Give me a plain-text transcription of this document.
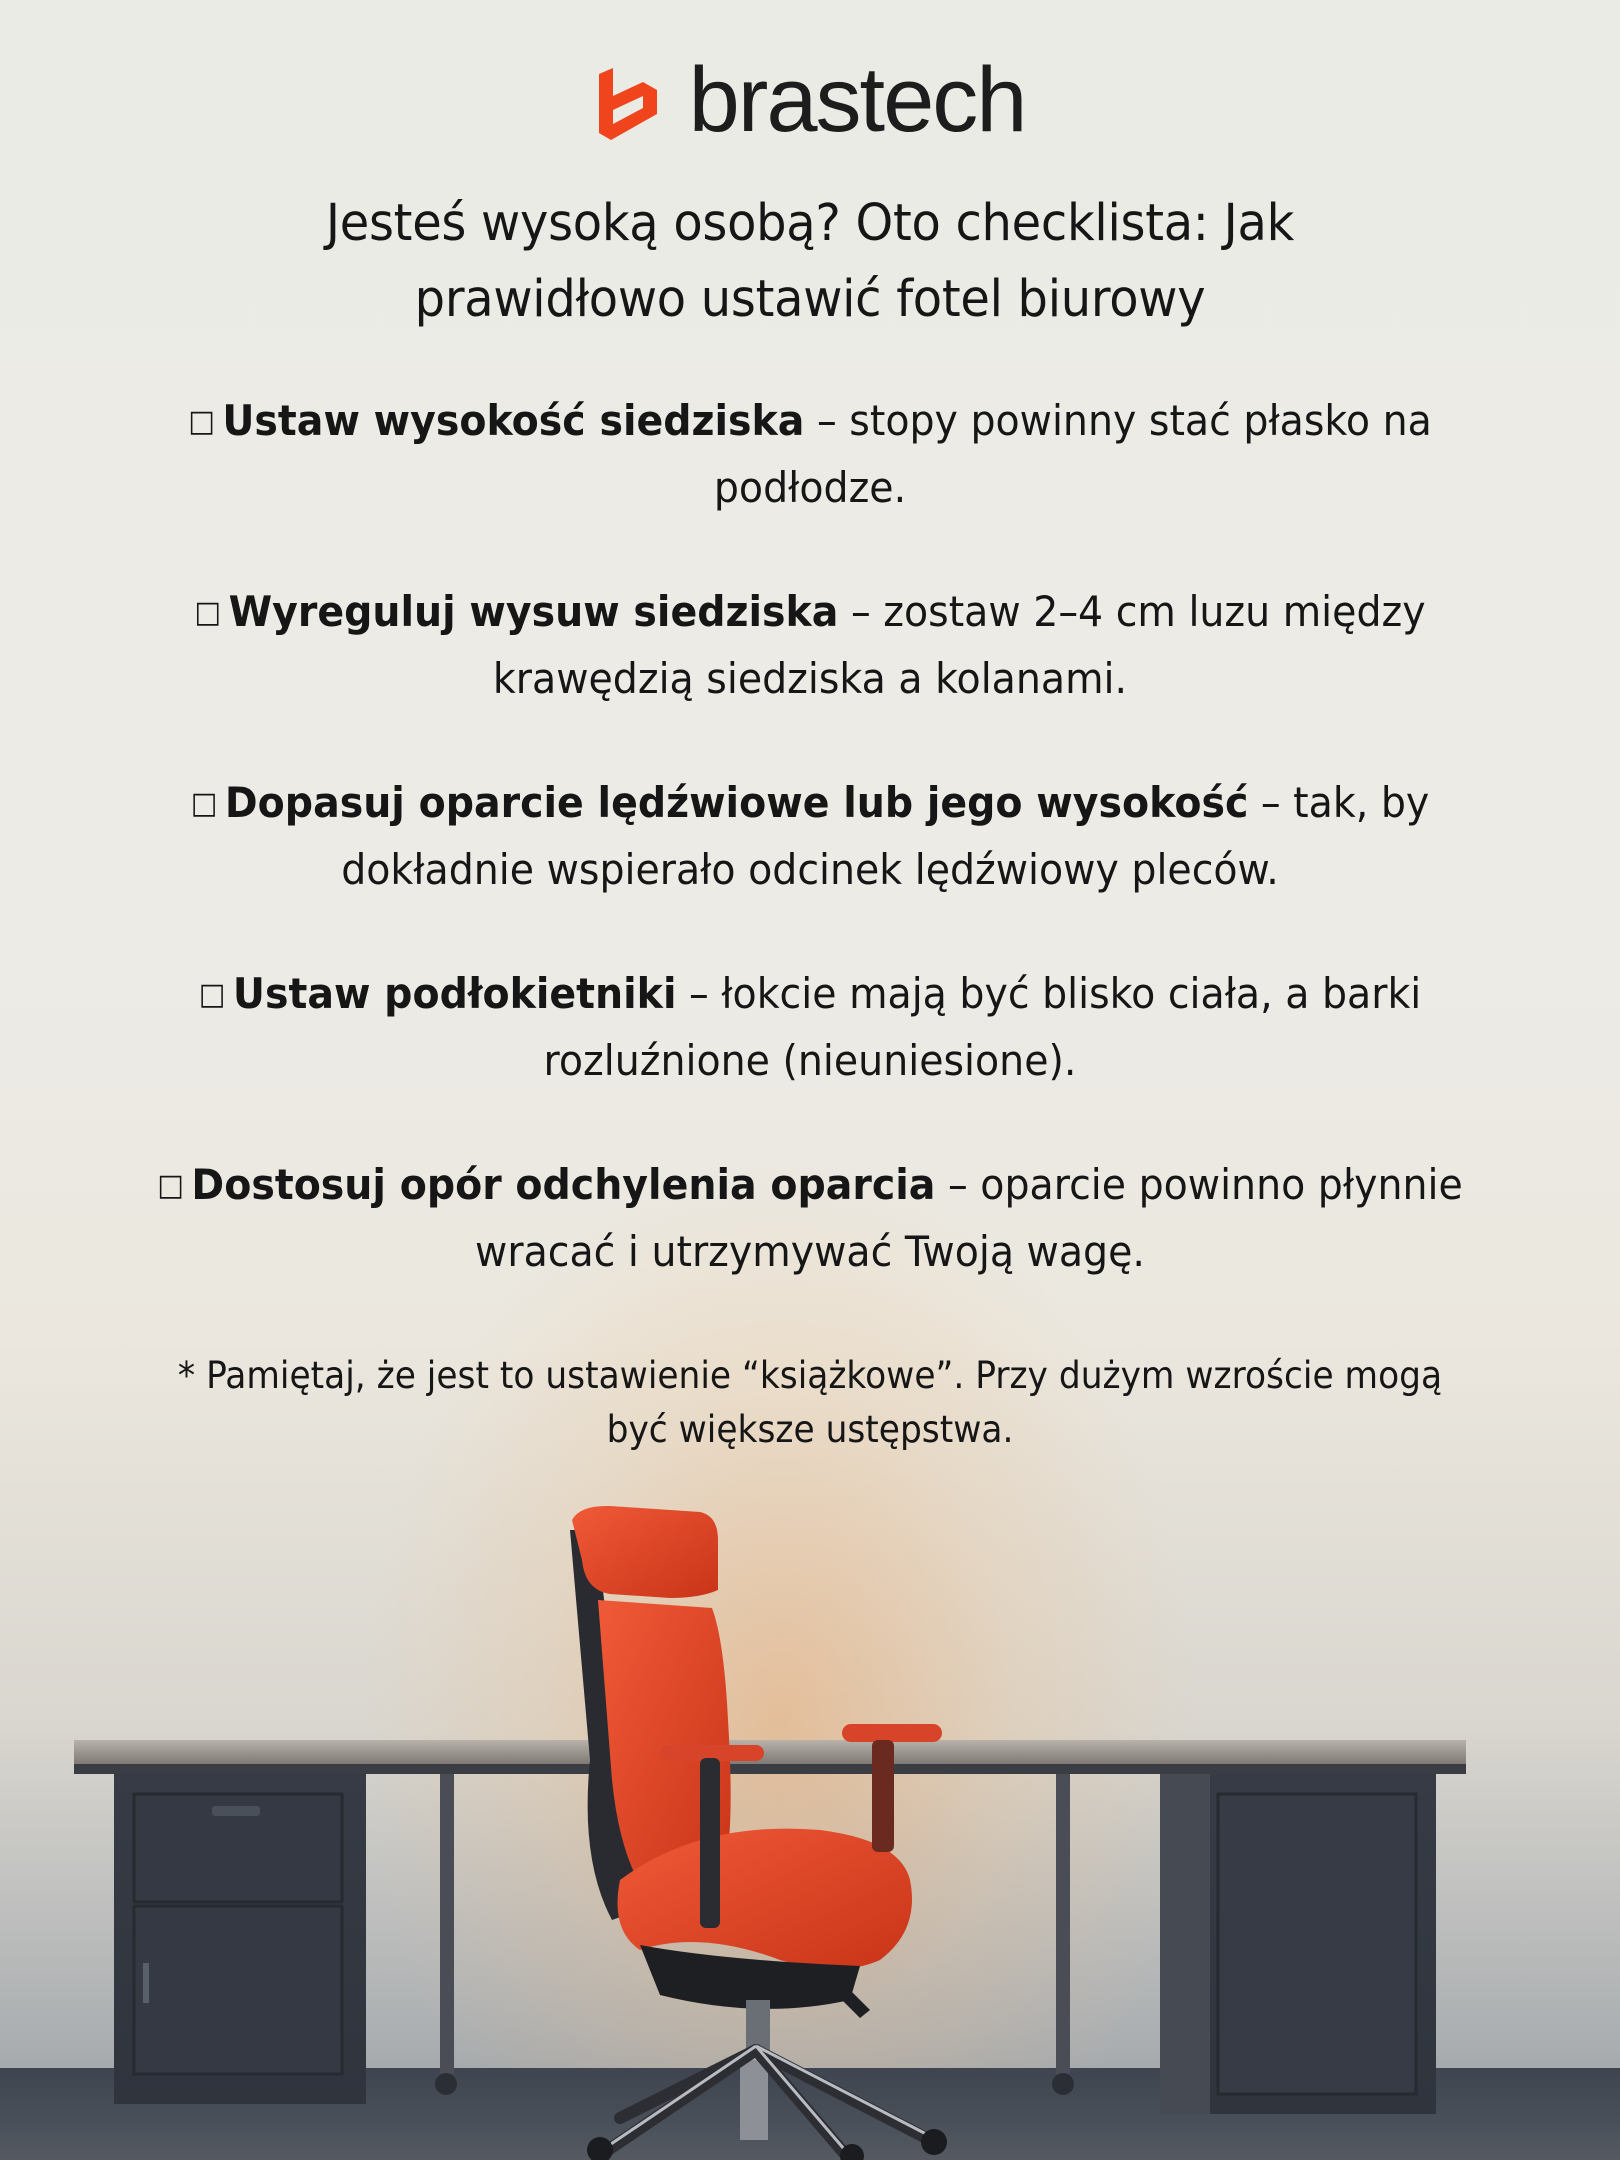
brastech
Jesteś wysoką osobą? Oto checklista: Jak prawidłowo ustawić fotel biurowy
□ Ustaw wysokość siedziska – stopy powinny stać płasko na podłodze.
□ Wyreguluj wysuw siedziska – zostaw 2–4 cm luzu między krawędzią siedziska a kolanami.
□ Dopasuj oparcie lędźwiowe lub jego wysokość – tak, by dokładnie wspierało odcinek lędźwiowy pleców.
□ Ustaw podłokietniki – łokcie mają być blisko ciała, a barki rozluźnione (nieuniesione).
□ Dostosuj opór odchylenia oparcia – oparcie powinno płynnie wracać i utrzymywać Twoją wagę.

* Pamiętaj, że jest to ustawienie “książkowe”. Przy dużym wzroście mogą być większe ustępstwa.
